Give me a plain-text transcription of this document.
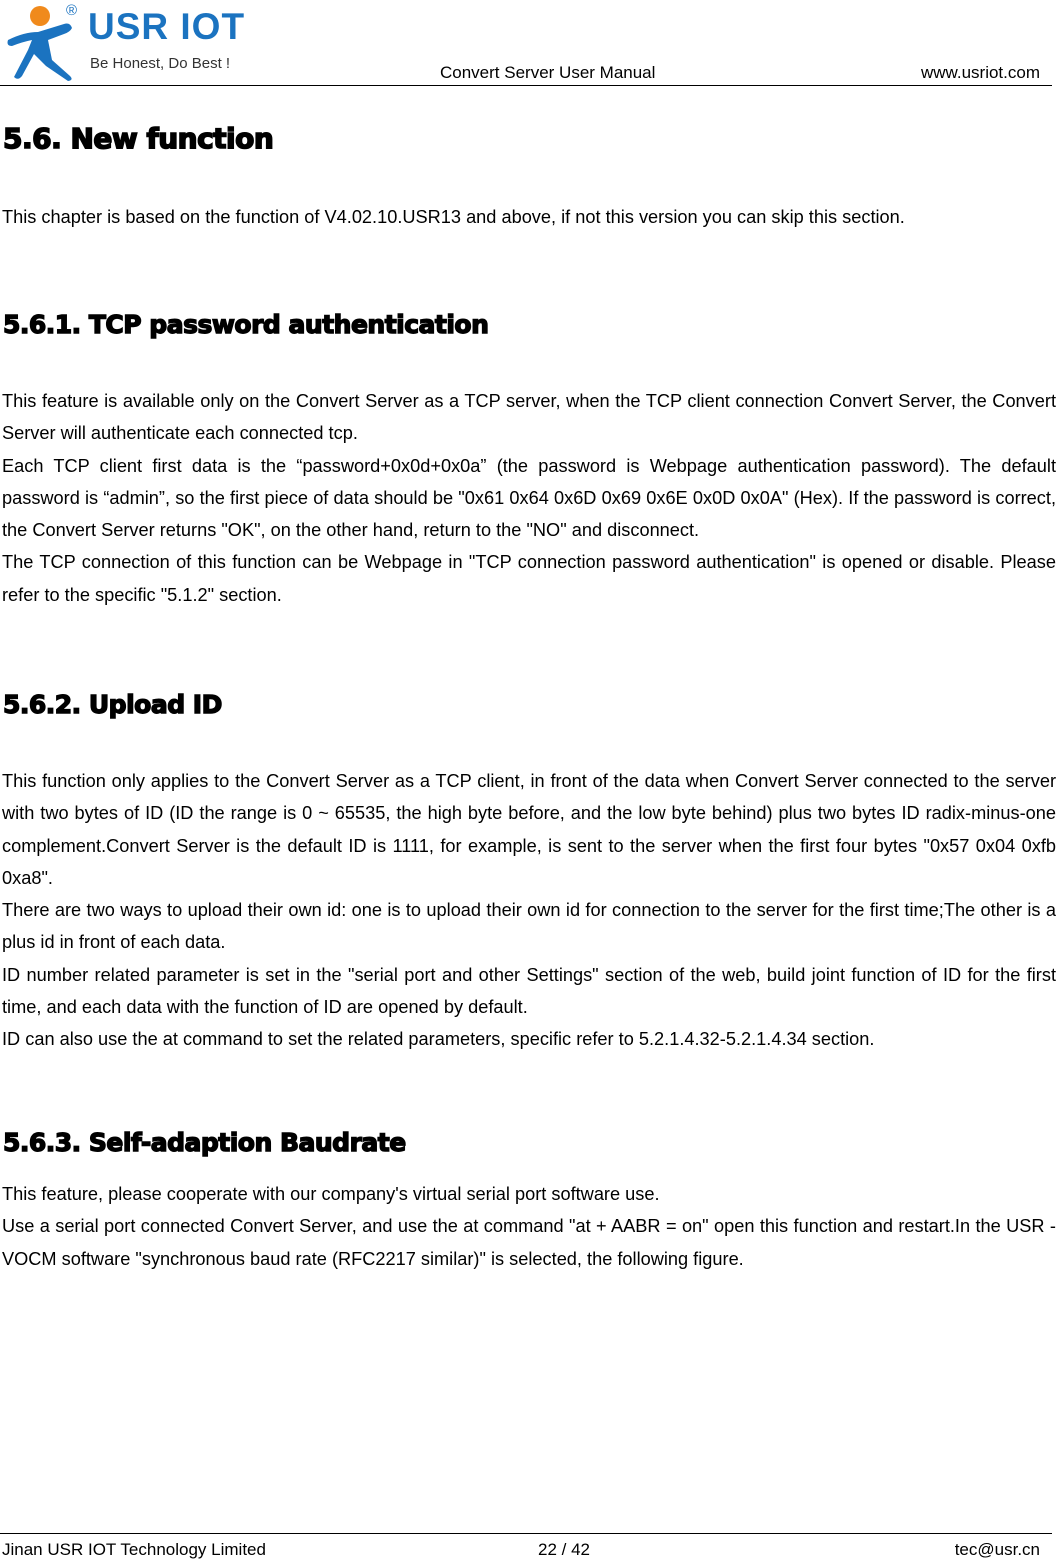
® USR IOT
Be Honest, Do Best !	Convert Server User Manual	www.usriot.com
5.6. New function

This chapter is based on the function of V4.02.10.USR13 and above, if not this version you can skip this section.

5.6.1. TCP password authentication

This feature is available only on the Convert Server as a TCP server, when the TCP client connection Convert Server, the Convert Server will authenticate each connected tcp.

Each TCP client first data is the “password+0x0d+0x0a” (the password is Webpage authentication password). The default password is “admin”, so the first piece of data should be "0x61 0x64 0x6D 0x69 0x6E 0x0D 0x0A" (Hex). If the password is correct, the Convert Server returns "OK", on the other hand, return to the "NO" and disconnect.

The TCP connection of this function can be Webpage in "TCP connection password authentication" is opened or disable. Please refer to the specific "5.1.2" section.

5.6.2. Upload ID

This function only applies to the Convert Server as a TCP client, in front of the data when Convert Server connected to the server with two bytes of ID (ID the range is 0 ~ 65535, the high byte before, and the low byte behind) plus two bytes ID radix-minus-one complement.Convert Server is the default ID is 1111, for example, is sent to the server when the first four bytes "0x57 0x04 0xfb 0xa8".

There are two ways to upload their own id: one is to upload their own id for connection to the server for the first time;The other is a plus id in front of each data.

ID number related parameter is set in the "serial port and other Settings" section of the web, build joint function of ID for the first time, and each data with the function of ID are opened by default.

ID can also use the at command to set the related parameters, specific refer to 5.2.1.4.32-5.2.1.4.34 section.

5.6.3. Self-adaption Baudrate

This feature, please cooperate with our company's virtual serial port software use.

Use a serial port connected Convert Server, and use the at command "at + AABR = on" open this function and restart.In the USR - VOCM software "synchronous baud rate (RFC2217 similar)" is selected, the following figure.

Jinan USR IOT Technology Limited	22 / 42	tec@usr.cn
